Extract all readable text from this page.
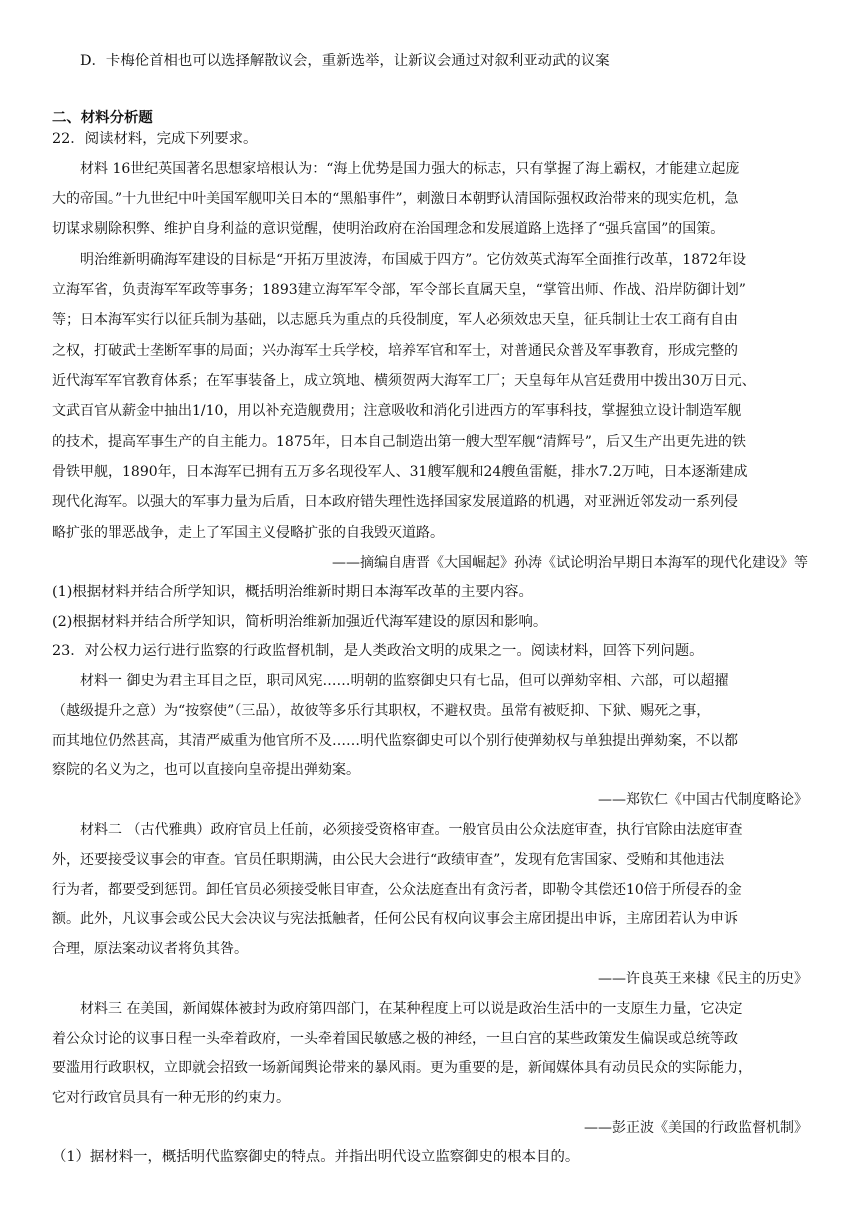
D．卡梅伦首相也可以选择解散议会，重新选举，让新议会通过对叙利亚动武的议案

二、材料分析题

22．阅读材料，完成下列要求。

材料 16世纪英国著名思想家培根认为：“海上优势是国力强大的标志，只有掌握了海上霸权，才能建立起庞

大的帝国。”十九世纪中叶美国军舰叩关日本的“黑船事件”，刺激日本朝野认清国际强权政治带来的现实危机，急

切谋求剔除积弊、维护自身利益的意识觉醒，使明治政府在治国理念和发展道路上选择了“强兵富国”的国策。

明治维新明确海军建设的目标是“开拓万里波涛，布国威于四方”。它仿效英式海军全面推行改革，1872年设

立海军省，负责海军军政等事务；1893建立海军军令部，军令部长直属天皇，“掌管出师、作战、沿岸防御计划”

等；日本海军实行以征兵制为基础，以志愿兵为重点的兵役制度，军人必须效忠天皇，征兵制让士农工商有自由

之权，打破武士垄断军事的局面；兴办海军士兵学校，培养军官和军士，对普通民众普及军事教育，形成完整的

近代海军军官教育体系；在军事装备上，成立筑地、横须贺两大海军工厂；天皇每年从宫廷费用中拨出30万日元、

文武百官从薪金中抽出1/10，用以补充造舰费用；注意吸收和消化引进西方的军事科技，掌握独立设计制造军舰

的技术，提高军事生产的自主能力。1875年，日本自己制造出第一艘大型军舰“清辉号”，后又生产出更先进的铁

骨铁甲舰，1890年，日本海军已拥有五万多名现役军人、31艘军舰和24艘鱼雷艇，排水7.2万吨，日本逐渐建成

现代化海军。以强大的军事力量为后盾，日本政府错失理性选择国家发展道路的机遇，对亚洲近邻发动一系列侵

略扩张的罪恶战争，走上了军国主义侵略扩张的自我毁灭道路。

——摘编自唐晋《大国崛起》孙涛《试论明治早期日本海军的现代化建设》等

(1)根据材料并结合所学知识，概括明治维新时期日本海军改革的主要内容。

(2)根据材料并结合所学知识，简析明治维新加强近代海军建设的原因和影响。

23．对公权力运行进行监察的行政监督机制，是人类政治文明的成果之一。阅读材料，回答下列问题。

材料一 御史为君主耳目之臣，职司风宪……明朝的监察御史只有七品，但可以弹劾宰相、六部，可以超擢

（越级提升之意）为“按察使”（三品），故彼等多乐行其职权，不避权贵。虽常有被贬抑、下狱、赐死之事，

而其地位仍然甚高，其清严威重为他官所不及……明代监察御史可以个别行使弹劾权与单独提出弹劾案，不以都

察院的名义为之，也可以直接向皇帝提出弹劾案。

——郑钦仁《中国古代制度略论》

材料二 （古代雅典）政府官员上任前，必须接受资格审查。一般官员由公众法庭审查，执行官除由法庭审查

外，还要接受议事会的审查。官员任职期满，由公民大会进行“政绩审查”，发现有危害国家、受贿和其他违法

行为者，都要受到惩罚。卸任官员必须接受帐目审查，公众法庭查出有贪污者，即勒令其偿还10倍于所侵吞的金

额。此外，凡议事会或公民大会决议与宪法抵触者，任何公民有权向议事会主席团提出申诉，主席团若认为申诉

合理，原法案动议者将负其咎。

——许良英王来棣《民主的历史》

材料三 在美国，新闻媒体被封为政府第四部门，在某种程度上可以说是政治生活中的一支原生力量，它决定

着公众讨论的议事日程一头牵着政府，一头牵着国民敏感之极的神经，一旦白宫的某些政策发生偏误或总统等政

要滥用行政职权，立即就会招致一场新闻舆论带来的暴风雨。更为重要的是，新闻媒体具有动员民众的实际能力，

它对行政官员具有一种无形的约束力。

——彭正波《美国的行政监督机制》

（1）据材料一，概括明代监察御史的特点。并指出明代设立监察御史的根本目的。
